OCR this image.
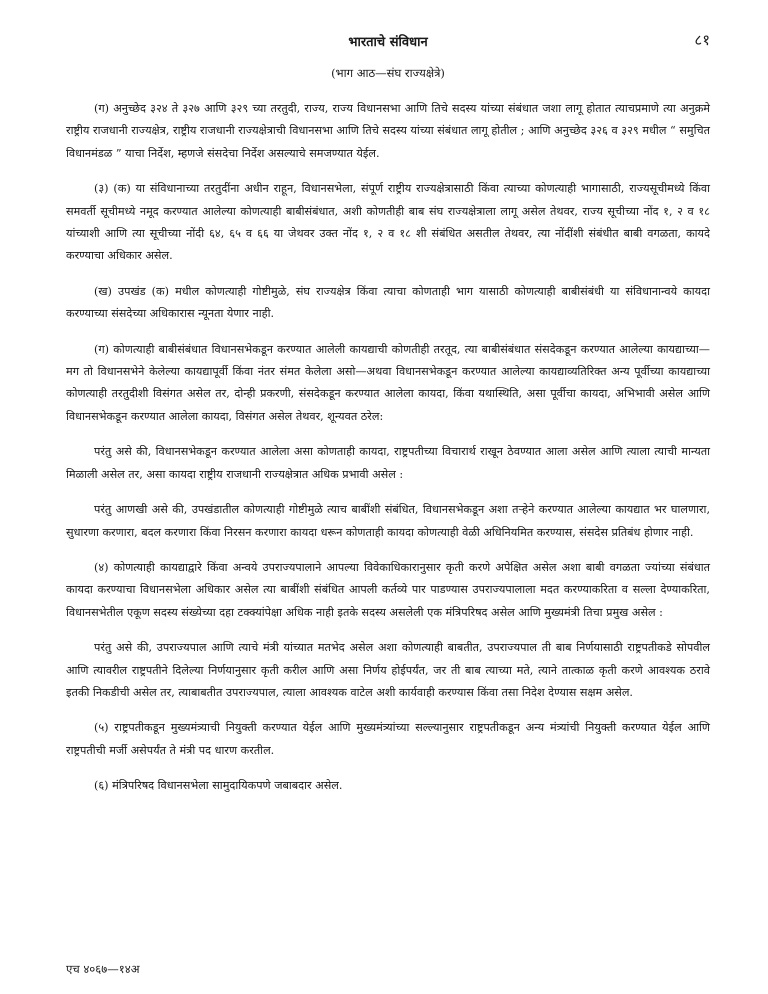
भारताचे संविधान	८१
(भाग आठ—संघ राज्यक्षेत्रे)

(ग) अनुच्छेद ३२४ ते ३२७ आणि ३२९ च्या तरतुदी, राज्य, राज्य विधानसभा आणि तिचे सदस्य यांच्या संबंधात जशा लागू होतात त्याचप्रमाणे त्या अनुक्रमे राष्ट्रीय राजधानी राज्यक्षेत्र, राष्ट्रीय राजधानी राज्यक्षेत्राची विधानसभा आणि तिचे सदस्य यांच्या संबंधात लागू होतील ; आणि अनुच्छेद ३२६ व ३२९ मधील “ समुचित विधानमंडळ ” याचा निर्देश, म्हणजे संसदेचा निर्देश असल्याचे समजण्यात येईल.

(३) (क) या संविधानाच्या तरतुदींना अधीन राहून, विधानसभेला, संपूर्ण राष्ट्रीय राज्यक्षेत्रासाठी किंवा त्याच्या कोणत्याही भागासाठी, राज्यसूचीमध्ये किंवा समवर्ती सूचीमध्ये नमूद करण्यात आलेल्या कोणत्याही बाबीसंबंधात, अशी कोणतीही बाब संघ राज्यक्षेत्राला लागू असेल तेथवर, राज्य सूचीच्या नोंद १, २ व १८ यांच्याशी आणि त्या सूचीच्या नोंदी ६४, ६५ व ६६ या जेथवर उक्त नोंद १, २ व १८ शी संबंधित असतील तेथवर, त्या नोंदींशी संबंधीत बाबी वगळता, कायदे करण्याचा अधिकार असेल.

(ख) उपखंड (क) मधील कोणत्याही गोष्टीमुळे, संघ राज्यक्षेत्र किंवा त्याचा कोणताही भाग यासाठी कोणत्याही बाबीसंबंधी या संविधानान्वये कायदा करण्याच्या संसदेच्या अधिकारास न्यूनता येणार नाही.

(ग) कोणत्याही बाबीसंबंधात विधानसभेकडून करण्यात आलेली कायद्याची कोणतीही तरतूद, त्या बाबीसंबंधात संसदेकडून करण्यात आलेल्या कायद्याच्या—मग तो विधानसभेने केलेल्या कायद्यापूर्वी किंवा नंतर संमत केलेला असो—अथवा विधानसभेकडून करण्यात आलेल्या कायद्याव्यतिरिक्त अन्य पूर्वीच्या कायद्याच्या कोणत्याही तरतुदीशी विसंगत असेल तर, दोन्ही प्रकरणी, संसदेकडून करण्यात आलेला कायदा, किंवा यथास्थिति, असा पूर्वीचा कायदा, अभिभावी असेल आणि विधानसभेकडून करण्यात आलेला कायदा, विसंगत असेल तेथवर, शून्यवत ठरेल:

परंतु असे की, विधानसभेकडून करण्यात आलेला असा कोणताही कायदा, राष्ट्रपतीच्या विचारार्थ राखून ठेवण्यात आला असेल आणि त्याला त्याची मान्यता मिळाली असेल तर, असा कायदा राष्ट्रीय राजधानी राज्यक्षेत्रात अधिक प्रभावी असेल :

परंतु आणखी असे की, उपखंडातील कोणत्याही गोष्टीमुळे त्याच बाबींशी संबंधित, विधानसभेकडून अशा तऱ्हेने करण्यात आलेल्या कायद्यात भर घालणारा, सुधारणा करणारा, बदल करणारा किंवा निरसन करणारा कायदा धरून कोणताही कायदा कोणत्याही वेळी अधिनियमित करण्यास, संसदेस प्रतिबंध होणार नाही.

(४) कोणत्याही कायद्याद्वारे किंवा अन्वये उपराज्यपालाने आपल्या विवेकाधिकारानुसार कृती करणे अपेक्षित असेल अशा बाबी वगळता ज्यांच्या संबंधात कायदा करण्याचा विधानसभेला अधिकार असेल त्या बाबींशी संबंधित आपली कर्तव्ये पार पाडण्यास उपराज्यपालाला मदत करण्याकरिता व सल्ला देण्याकरिता, विधानसभेतील एकूण सदस्य संख्येच्या दहा टक्क्यांपेक्षा अधिक नाही इतके सदस्य असलेली एक मंत्रिपरिषद असेल आणि मुख्यमंत्री तिचा प्रमुख असेल :

परंतु असे की, उपराज्यपाल आणि त्याचे मंत्री यांच्यात मतभेद असेल अशा कोणत्याही बाबतीत, उपराज्यपाल ती बाब निर्णयासाठी राष्ट्रपतीकडे सोपवील आणि त्यावरील राष्ट्रपतीने दिलेल्या निर्णयानुसार कृती करील आणि असा निर्णय होईपर्यंत, जर ती बाब त्याच्या मते, त्याने तात्काळ कृती करणे आवश्यक ठरावे इतकी निकडीची असेल तर, त्याबाबतीत उपराज्यपाल, त्याला आवश्यक वाटेल अशी कार्यवाही करण्यास किंवा तसा निदेश देण्यास सक्षम असेल.

(५) राष्ट्रपतीकडून मुख्यमंत्र्याची नियुक्ती करण्यात येईल आणि मुख्यमंत्र्यांच्या सल्ल्यानुसार राष्ट्रपतीकडून अन्य मंत्र्यांची नियुक्ती करण्यात येईल आणि राष्ट्रपतीची मर्जी असेपर्यंत ते मंत्री पद धारण करतील.

(६) मंत्रिपरिषद विधानसभेला सामुदायिकपणे जबाबदार असेल.

एच ४०६७—१४अ
